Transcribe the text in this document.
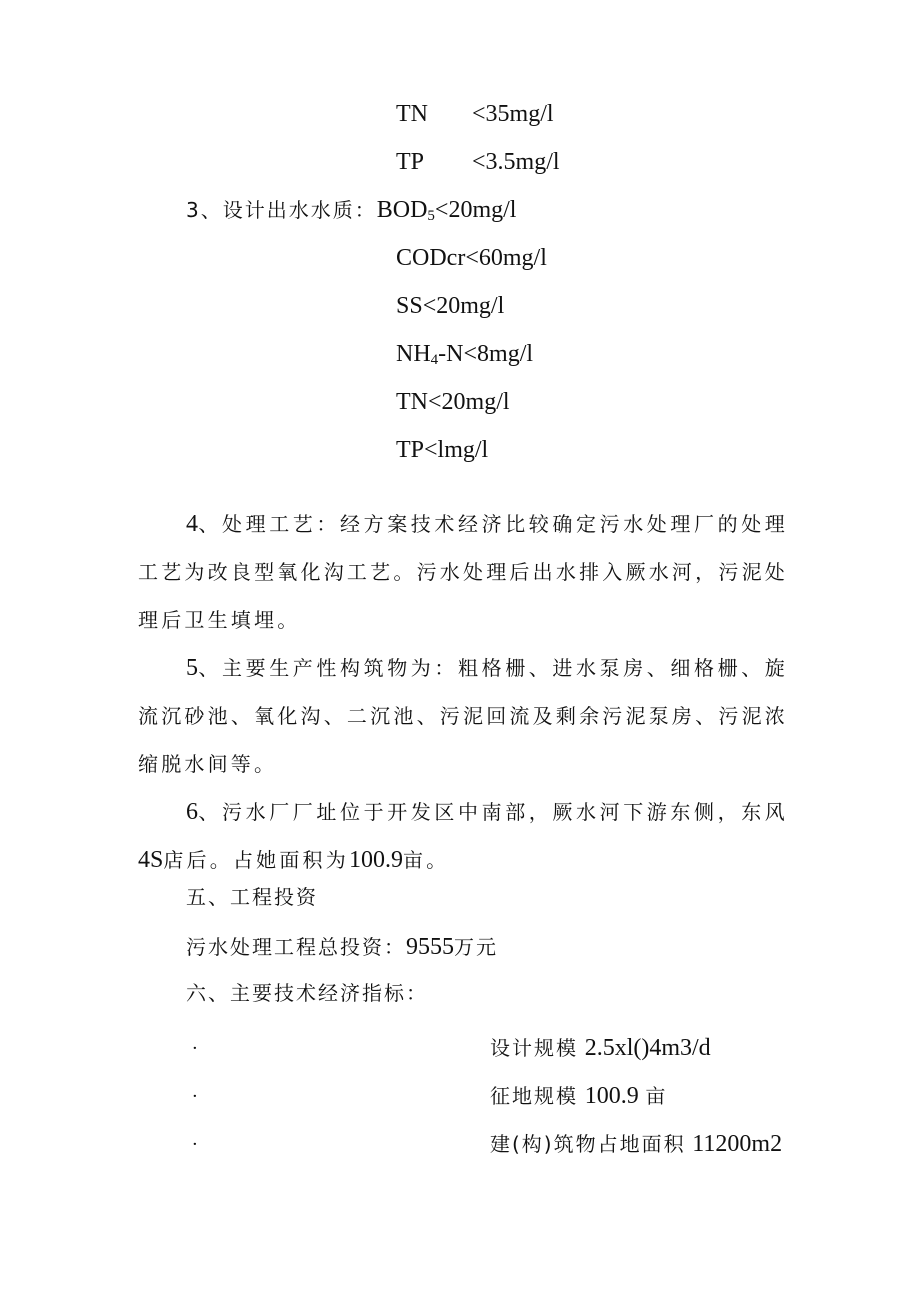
TN <35mg/l
TP <3.5mg/l
3、设计出水水质：$BOD_5<20mg/l$
CODcr<60mg/l
SS<20mg/l
$NH_4-N<8mg/l$
TN<20mg/l
TP<lmg/l
4、处理工艺：经方案技术经济比较确定污水处理厂的处理工艺为改良型氧化沟工艺。污水处理后出水排入厥水河，污泥处理后卫生填埋。
5、主要生产性构筑物为：粗格栅、进水泵房、细格栅、旋流沉砂池、氧化沟、二沉池、污泥回流及剩余污泥泵房、污泥浓缩脱水间等。
6、污水厂厂址位于开发区中南部，厥水河下游东侧，东风4S店后。占她面积为100.9亩。
五、工程投资
污水处理工程总投资：9555万元
六、主要技术经济指标：
·	设计规模 2.5xl()4m3/d
·	征地规模 100.9 亩
·	建(构)筑物占地面积 11200m2
